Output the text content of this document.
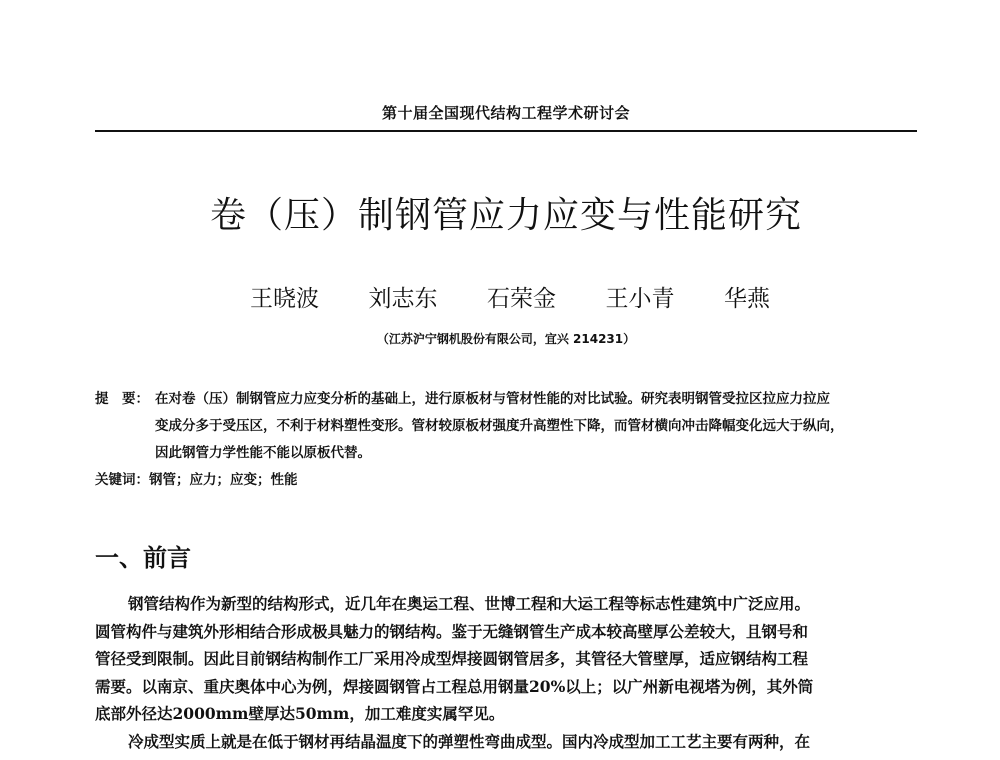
第十届全国现代结构工程学术研讨会
卷（压）制钢管应力应变与性能研究
王晓波 刘志东 石荣金 王小青 华燕
（江苏沪宁钢机股份有限公司，宜兴 214231）
提　要： 在对卷（压）制钢管应力应变分析的基础上，进行原板材与管材性能的对比试验。研究表明钢管受拉区拉应力拉应
变成分多于受压区，不利于材料塑性变形。管材较原板材强度升高塑性下降，而管材横向冲击降幅变化远大于纵向，
因此钢管力学性能不能以原板代替。
关键词：钢管；应力；应变；性能
一、前言
钢管结构作为新型的结构形式，近几年在奥运工程、世博工程和大运工程等标志性建筑中广泛应用。
圆管构件与建筑外形相结合形成极具魅力的钢结构。鉴于无缝钢管生产成本较高壁厚公差较大，且钢号和
管径受到限制。因此目前钢结构制作工厂采用冷成型焊接圆钢管居多，其管径大管壁厚，适应钢结构工程
需要。以南京、重庆奥体中心为例，焊接圆钢管占工程总用钢量20%以上；以广州新电视塔为例，其外筒
底部外径达2000mm壁厚达50mm，加工难度实属罕见。
冷成型实质上就是在低于钢材再结晶温度下的弹塑性弯曲成型。国内冷成型加工工艺主要有两种，在
